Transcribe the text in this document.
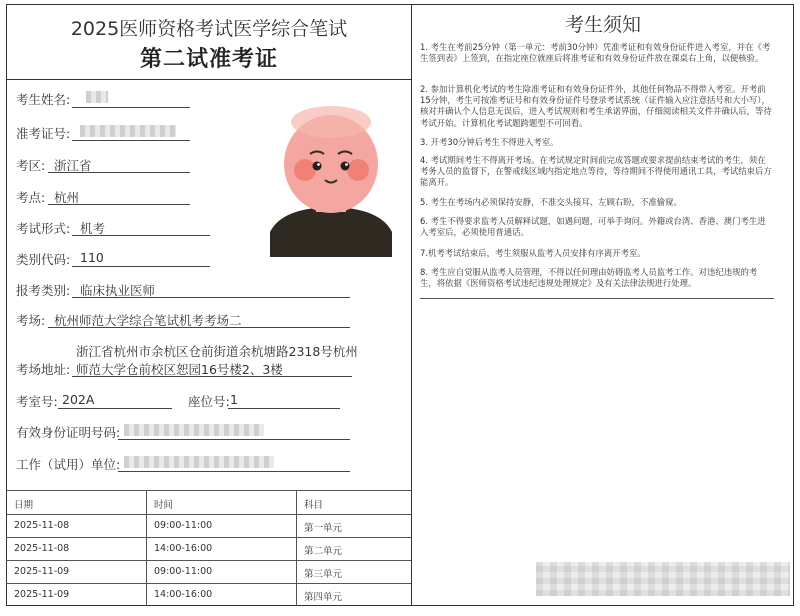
2025医师资格考试医学综合笔试
第二试准考证
考生姓名:
准考证号:
考区: 浙江省
考点: 杭州
考试形式: 机考
类别代码: 110
报考类别: 临床执业医师
考场: 杭州师范大学综合笔试机考考场二
浙江省杭州市余杭区仓前街道余杭塘路2318号杭州
考场地址: 师范大学仓前校区恕园16号楼2、3楼
考室号: 202A	座位号: 1
有效身份证明号码:
工作（试用）单位:
日期	时间	科目
2025-11-08	09:00-11:00	第一单元
2025-11-08	14:00-16:00	第二单元
2025-11-09	09:00-11:00	第三单元
2025-11-09	14:00-16:00	第四单元
考生须知
1. 考生在考前25分钟（第一单元：考前30分钟）凭准考证和有效身份证件进入考室，并在《考生签到表》上签到，在指定座位就座后将准考证和有效身份证件放在课桌右上角，以便核验。
2. 参加计算机化考试的考生除准考证和有效身份证件外，其他任何物品不得带入考室。开考前15分钟，考生可按准考证号和有效身份证件号登录考试系统（证件输入应注意括号和大小写），核对并确认个人信息无误后，进入考试规则和考生承诺界面，仔细阅读相关文件并确认后，等待考试开始。计算机化考试题跨题型不可回看。
3. 开考30分钟后考生不得进入考室。
4. 考试期间考生不得离开考场。在考试规定时间前完成答题或要求提前结束考试的考生，须在考务人员的监督下，在警戒线区域内指定地点等待，等待期间不得使用通讯工具，考试结束后方能离开。
5. 考生在考场内必须保持安静，不准交头接耳、左顾右盼，不准偷窥。
6. 考生不得要求监考人员解释试题，如遇问题，可举手询问。外籍或台湾、香港、澳门考生进入考室后，必须使用普通话。
7.机考考试结束后，考生须服从监考人员安排有序离开考室。
8. 考生应自觉服从监考人员管理，不得以任何理由妨碍监考人员监考工作。对违纪违规的考生，将依据《医师资格考试违纪违规处理规定》及有关法律法规进行处理。
